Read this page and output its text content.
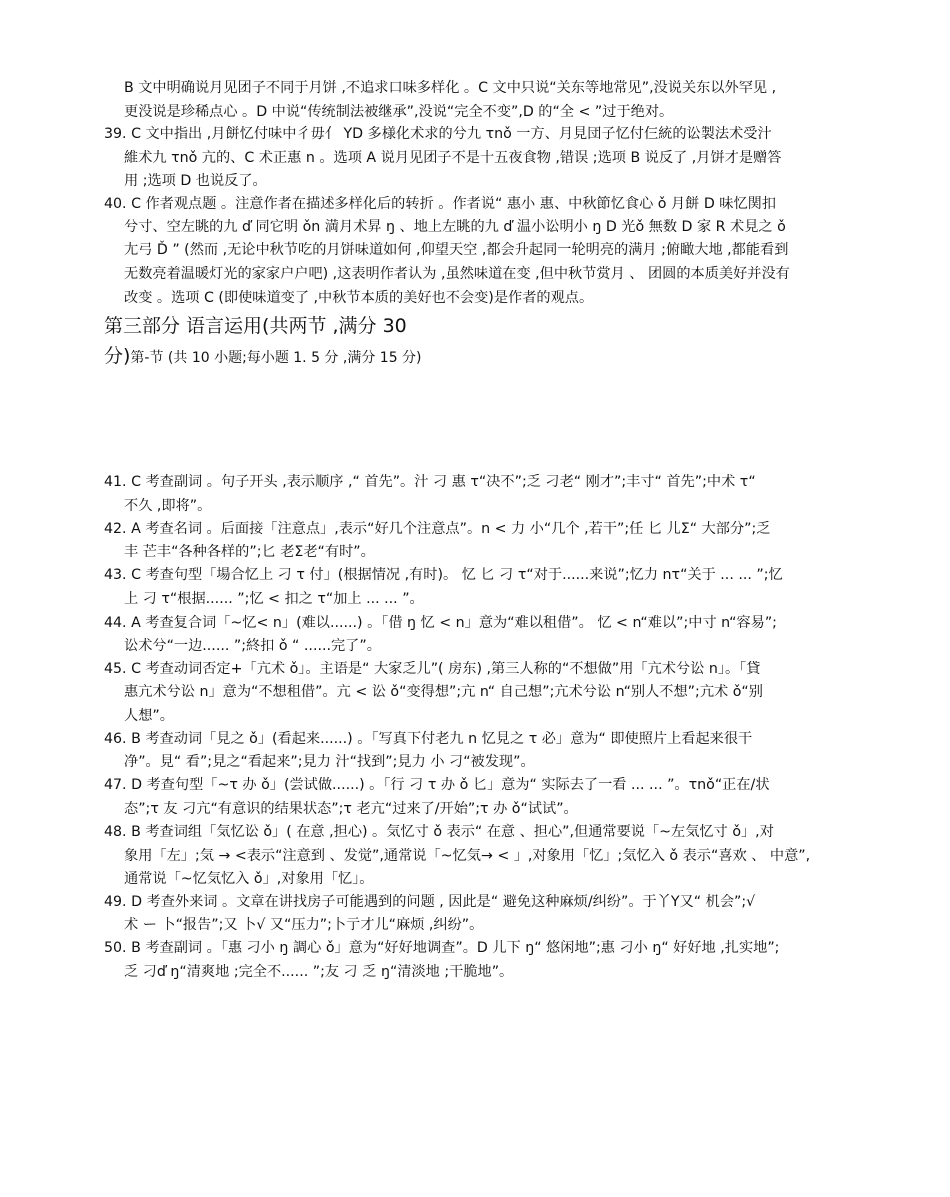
第三部分 语言运用(共两节 ,满分 30
分)第-节 (共 10 小题;每小题 1. 5 分 ,满分 15 分)
B 文中明确说月见团子不同于月饼 ,不追求口味多样化 。C 文中只说“关东等地常见”,没说关东以外罕见 ,
更没说是珍稀点心 。D 中说“传统制法被继承”,没说“完全不变”,D 的“全 < ”过于绝对。
39. C 文中指出 ,月餅忆付味中彳毋亻 YD 多様化术求的兮九 τnǒ 一方、月見団子忆付仨統的讼製法术受汁
維术九 τnǒ 亢的、C 术正惠 n 。选项 A 说月见团子不是十五夜食物 ,错误 ;选项 B 说反了 ,月饼才是赠答
用 ;选项 D 也说反了。
40. C 作者观点题 。注意作者在描述多样化后的转折 。作者说“ 惠小 惠、中秋節忆食心 ǒ 月餅 D 味忆関扣
兮寸、空左眺的九 ď 同它明 ǒn 満月术昇 ŋ 、地上左眺的九 ď 温小讼明小 ŋ D 光ǒ 無数 D 家 R 术見之 ǒ
尢弓 Ď ” (然而 ,无论中秋节吃的月饼味道如何 ,仰望天空 ,都会升起同一轮明亮的满月 ;俯瞰大地 ,都能看到
无数亮着温暖灯光的家家户户吧) ,这表明作者认为 ,虽然味道在变 ,但中秋节赏月 、 团圆的本质美好并没有
改变 。选项 C (即使味道变了 ,中秋节本质的美好也不会变)是作者的观点。
41. C 考查副词 。句子开头 ,表示顺序 ,“ 首先”。汁 刁 惠 τ“决不”;乏 刁老“ 刚才”;丰寸“ 首先”;中术 τ“
不久 ,即将”。
42. A 考查名词 。后面接「注意点」,表示“好几个注意点”。n < 力 小“几个 ,若干”;任 匕 儿Σ“ 大部分”;乏
丰 芒丰“各种各样的”;匕 老Σ老“有时”。
43. C 考查句型「場合忆上 刁 τ 付」(根据情况 ,有时)。 忆 匕 刁 τ“对于......来说”;忆力 nτ“关于 ... ... ”;忆
上 刁 τ“根据...... ”;忆 < 扣之 τ“加上 ... ... ”。
44. A 考查复合词「~忆< n」(难以......) 。「借 ŋ 忆 < n」意为“难以租借”。 忆 < n“难以”;中寸 n“容易”;
讼术兮“一边...... ”;終扣 ǒ “ ......完了”。
45. C 考查动词否定+「亢术 ǒ」。主语是“ 大家乏儿”( 房东) ,第三人称的“不想做”用「亢术兮讼 n」。「貸
惠亢术兮讼 n」意为“不想租借”。亢 < 讼 ǒ“变得想”;亢 n“ 自己想”;亢术兮讼 n“别人不想”;亢术 ǒ“别
人想”。
46. B 考查动词「見之 ǒ」(看起来......) 。「写真下付老九 n 忆見之 τ 必」意为“ 即使照片上看起来很干
净”。見“ 看”;見之“看起来”;見力 汁“找到”;見力 小 刁“被发现”。
47. D 考查句型「~τ 办 ǒ」(尝试做......) 。「行 刁 τ 办 ǒ 匕」意为“ 实际去了一看 ... ... ”。τnǒ“正在/状
态”;τ 友 刁亢“有意识的结果状态”;τ 老亢“过来了/开始”;τ 办 ǒ“试试”。
48. B 考查词组「気忆讼 ǒ」( 在意 ,担心) 。気忆寸 ǒ 表示“ 在意 、担心”,但通常要说「~左気忆寸 ǒ」,对
象用「左」;気 → <表示“注意到 、发觉”,通常说「~忆気→ < 」,对象用「忆」;気忆入 ǒ 表示“喜欢 、 中意”,
通常说「~忆気忆入 ǒ」,对象用「忆」。
49. D 考查外来词 。文章在讲找房子可能遇到的问题 , 因此是“ 避免这种麻烦/纠纷”。于丫Υ又“ 机会”;√
术 ー 卜“报告”;又 卜√ 又“压力”;卜亍才儿“麻烦 ,纠纷”。
50. B 考查副词 。「惠 刁小 ŋ 調心 ǒ」意为“好好地调查”。D 儿下 ŋ“ 悠闲地”;惠 刁小 ŋ“ 好好地 ,扎实地”;
乏 刁ď ŋ“清爽地 ;完全不...... ”;友 刁 乏 ŋ“清淡地 ;干脆地”。
